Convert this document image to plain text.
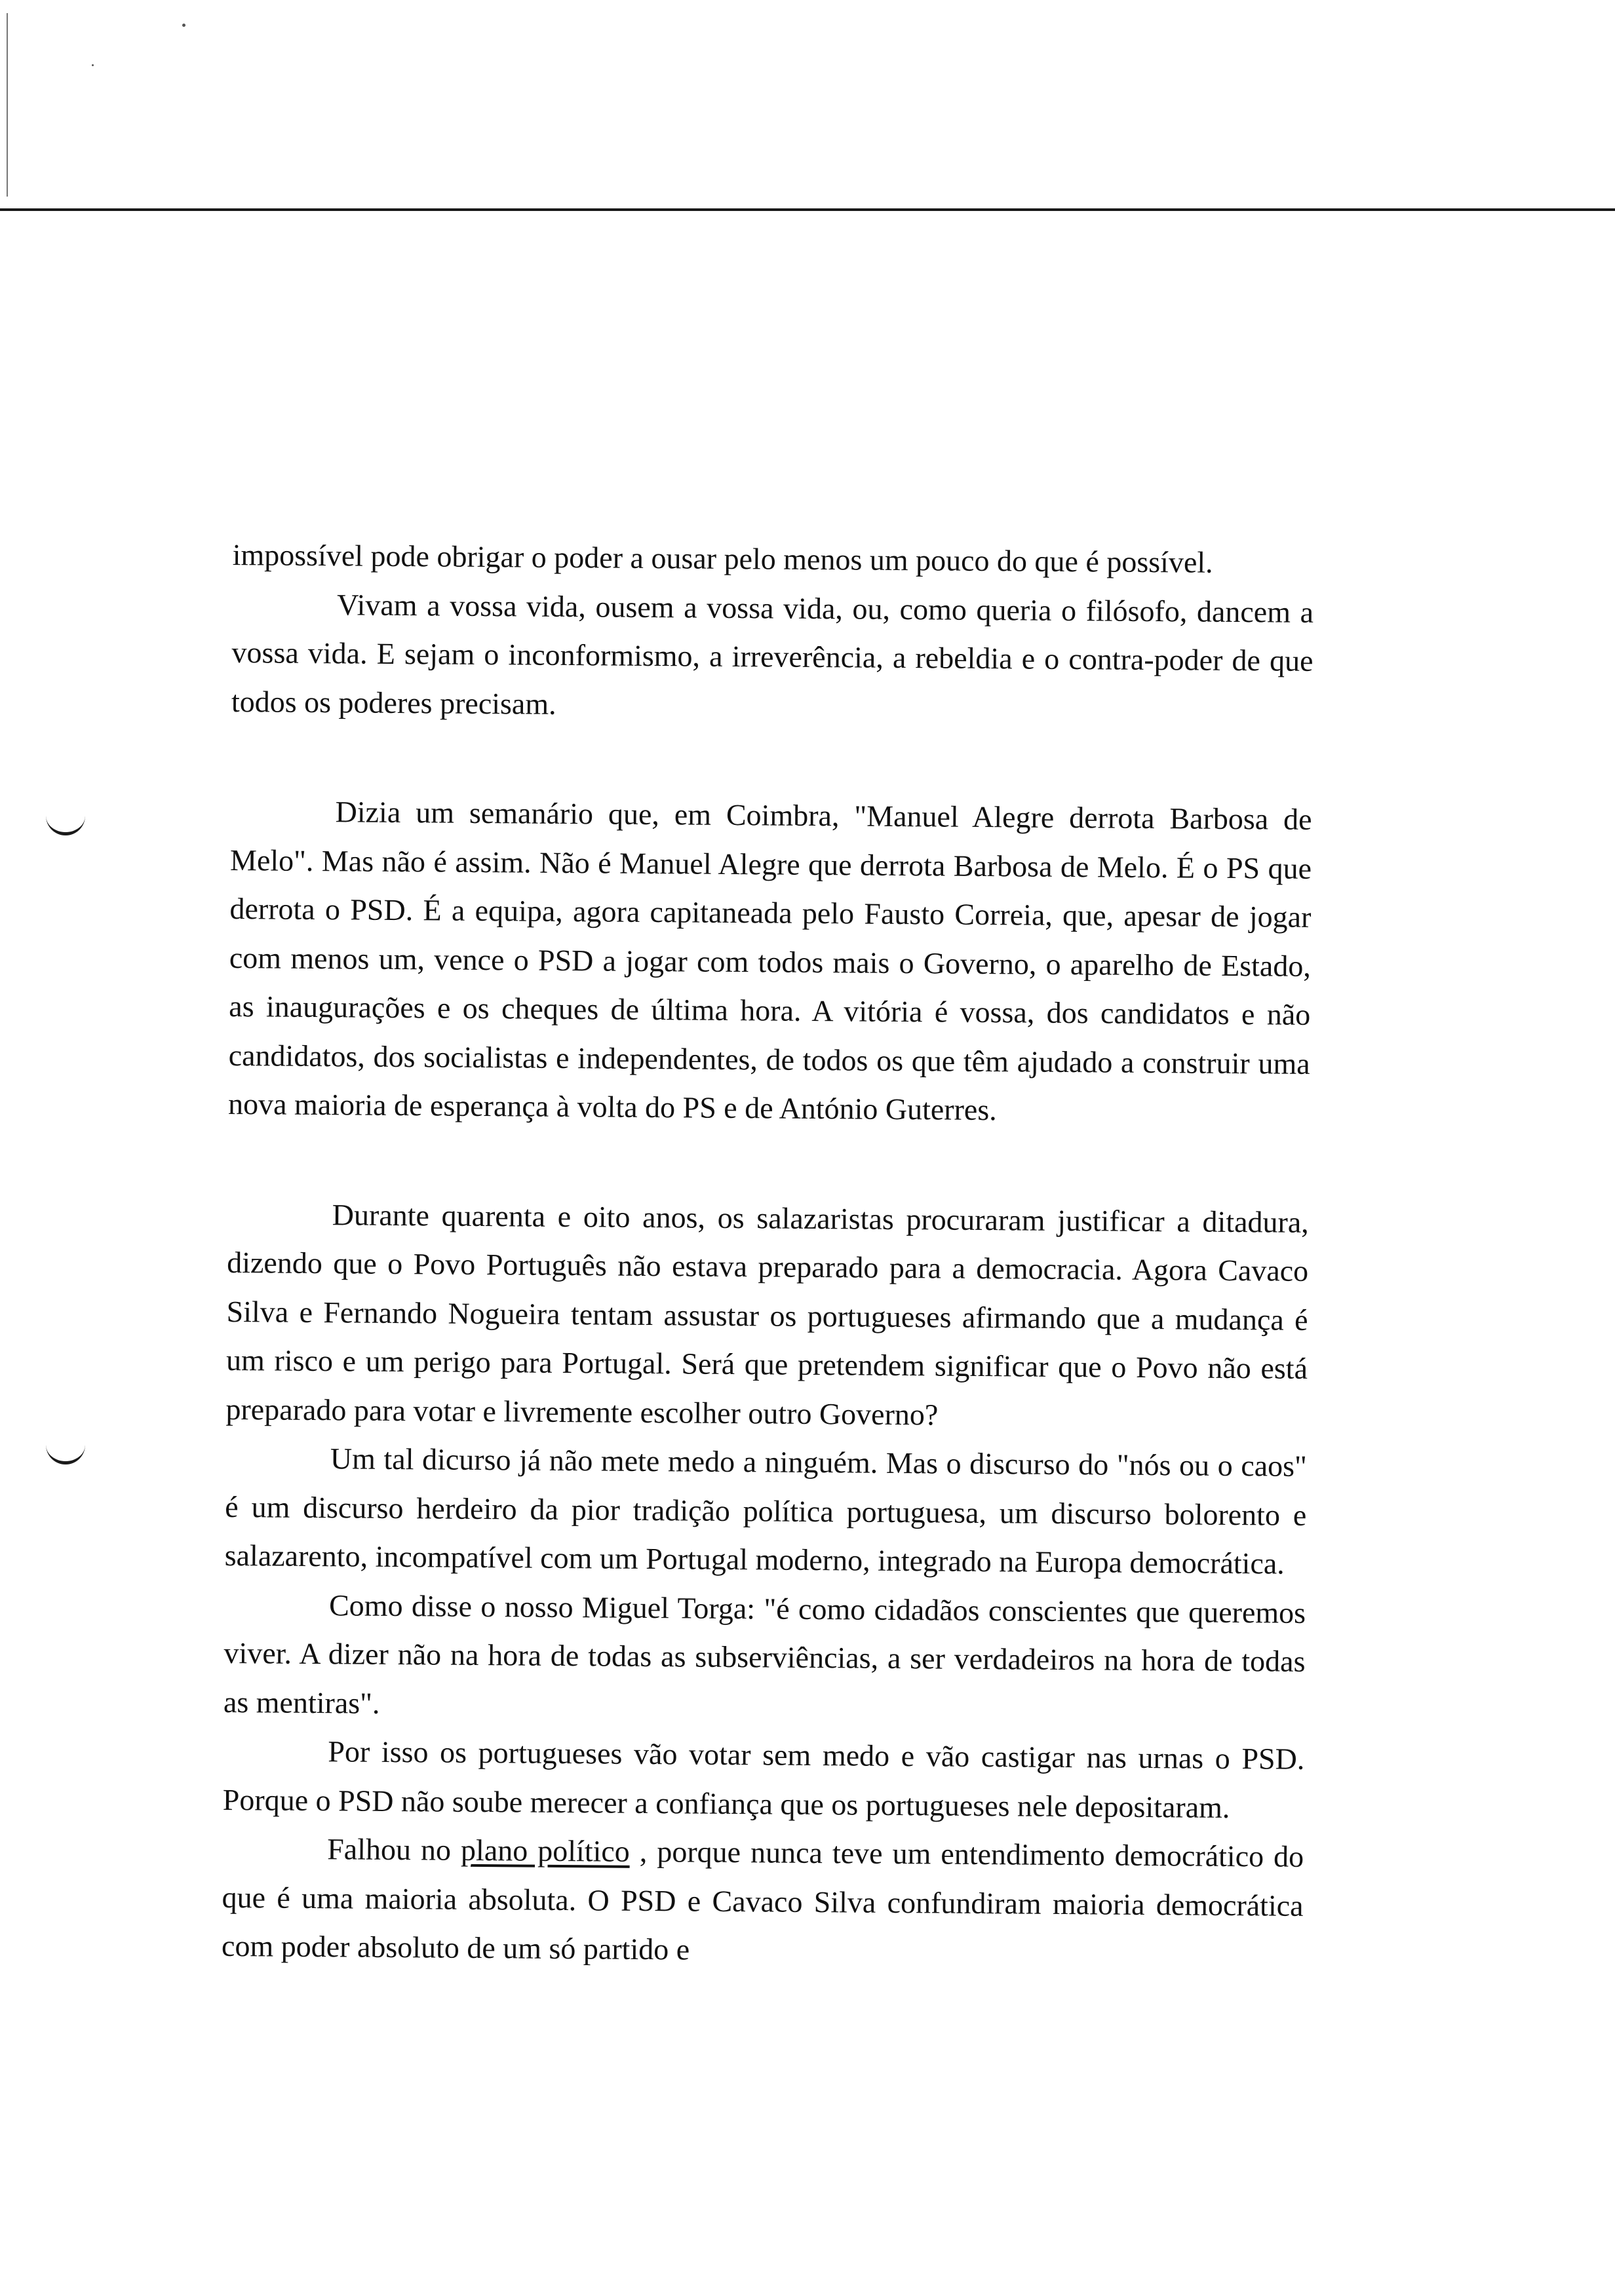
impossível pode obrigar o poder a ousar pelo menos um pouco do que é possível.

Vivam a vossa vida, ousem a vossa vida, ou, como queria o filósofo, dancem a vossa vida. E sejam o inconformismo, a irreverência, a rebeldia e o contra-poder de que todos os poderes precisam.

Dizia um semanário que, em Coimbra, "Manuel Alegre derrota Barbosa de Melo". Mas não é assim. Não é Manuel Alegre que derrota Barbosa de Melo. É o PS que derrota o PSD. É a equipa, agora capitaneada pelo Fausto Correia, que, apesar de jogar com menos um, vence o PSD a jogar com todos mais o Governo, o aparelho de Estado, as inaugurações e os cheques de última hora. A vitória é vossa, dos candidatos e não candidatos, dos socialistas e independentes, de todos os que têm ajudado a construir uma nova maioria de esperança à volta do PS e de António Guterres.

Durante quarenta e oito anos, os salazaristas procuraram justificar a ditadura, dizendo que o Povo Português não estava preparado para a democracia. Agora Cavaco Silva e Fernando Nogueira tentam assustar os portugueses afirmando que a mudança é um risco e um perigo para Portugal. Será que pretendem significar que o Povo não está preparado para votar e livremente escolher outro Governo?

Um tal dicurso já não mete medo a ninguém. Mas o discurso do "nós ou o caos" é um discurso herdeiro da pior tradição política portuguesa, um discurso bolorento e salazarento, incompatível com um Portugal moderno, integrado na Europa democrática.

Como disse o nosso Miguel Torga: "é como cidadãos conscientes que queremos viver. A dizer não na hora de todas as subserviências, a ser verdadeiros na hora de todas as mentiras".

Por isso os portugueses vão votar sem medo e vão castigar nas urnas o PSD. Porque o PSD não soube merecer a confiança que os portugueses nele depositaram.

Falhou no plano político , porque nunca teve um entendimento democrático do que é uma maioria absoluta. O PSD e Cavaco Silva confundiram maioria democrática com poder absoluto de um só partido e
